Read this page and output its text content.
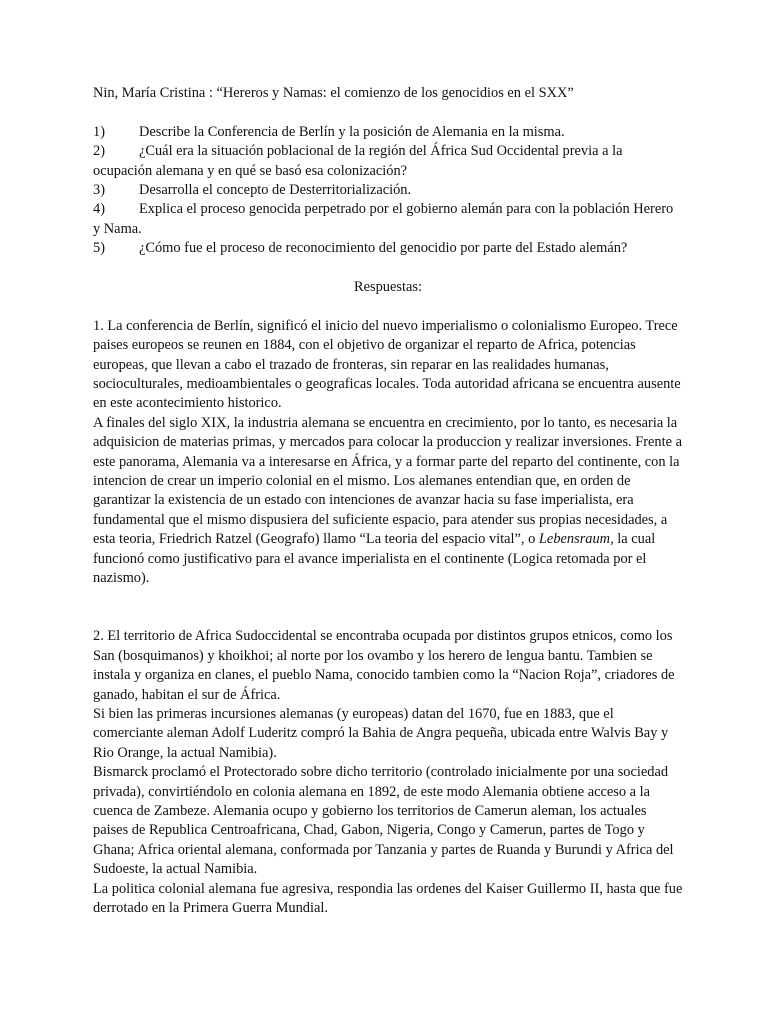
Nin, María Cristina : “Hereros y Namas: el comienzo de los genocidios en el SXX”

1) Describe la Conferencia de Berlín y la posición de Alemania en la misma.

2) ¿Cuál era la situación poblacional de la región del África Sud Occidental previa a la ocupación alemana y en qué se basó esa colonización?

3) Desarrolla el concepto de Desterritorialización.

4) Explica el proceso genocida perpetrado por el gobierno alemán para con la población Herero y Nama.

5) ¿Cómo fue el proceso de reconocimiento del genocidio por parte del Estado alemán?

Respuestas:

1. La conferencia de Berlín, significó el inicio del nuevo imperialismo o colonialismo Europeo. Trece paises europeos se reunen en 1884, con el objetivo de organizar el reparto de Africa, potencias europeas, que llevan a cabo el trazado de fronteras, sin reparar en las realidades humanas, socioculturales, medioambientales o geograficas locales. Toda autoridad africana se encuentra ausente en este acontecimiento historico.

A finales del siglo XIX, la industria alemana se encuentra en crecimiento, por lo tanto, es necesaria la adquisicion de materias primas, y mercados para colocar la produccion y realizar inversiones. Frente a este panorama, Alemania va a interesarse en África, y a formar parte del reparto del continente, con la intencion de crear un imperio colonial en el mismo. Los alemanes entendian que, en orden de garantizar la existencia de un estado con intenciones de avanzar hacia su fase imperialista, era fundamental que el mismo dispusiera del suficiente espacio, para atender sus propias necesidades, a esta teoria, Friedrich Ratzel (Geografo) llamo “La teoria del espacio vital”, o Lebensraum, la cual funcionó como justificativo para el avance imperialista en el continente (Logica retomada por el nazismo).

2. El territorio de Africa Sudoccidental se encontraba ocupada por distintos grupos etnicos, como los San (bosquimanos) y khoikhoi; al norte por los ovambo y los herero de lengua bantu. Tambien se instala y organiza en clanes, el pueblo Nama, conocido tambien como la “Nacion Roja”, criadores de ganado, habitan el sur de África.

Si bien las primeras incursiones alemanas (y europeas) datan del 1670, fue en 1883, que el comerciante aleman Adolf Luderitz compró la Bahia de Angra pequeña, ubicada entre Walvis Bay y Rio Orange, la actual Namibia).

Bismarck proclamó el Protectorado sobre dicho territorio (controlado inicialmente por una sociedad privada), convirtiéndolo en colonia alemana en 1892, de este modo Alemania obtiene acceso a la cuenca de Zambeze. Alemania ocupo y gobierno los territorios de Camerun aleman, los actuales paises de Republica Centroafricana, Chad, Gabon, Nigeria, Congo y Camerun, partes de Togo y Ghana; Africa oriental alemana, conformada por Tanzania y partes de Ruanda y Burundi y Africa del Sudoeste, la actual Namibia.

La politica colonial alemana fue agresiva, respondia las ordenes del Kaiser Guillermo II, hasta que fue derrotado en la Primera Guerra Mundial.
